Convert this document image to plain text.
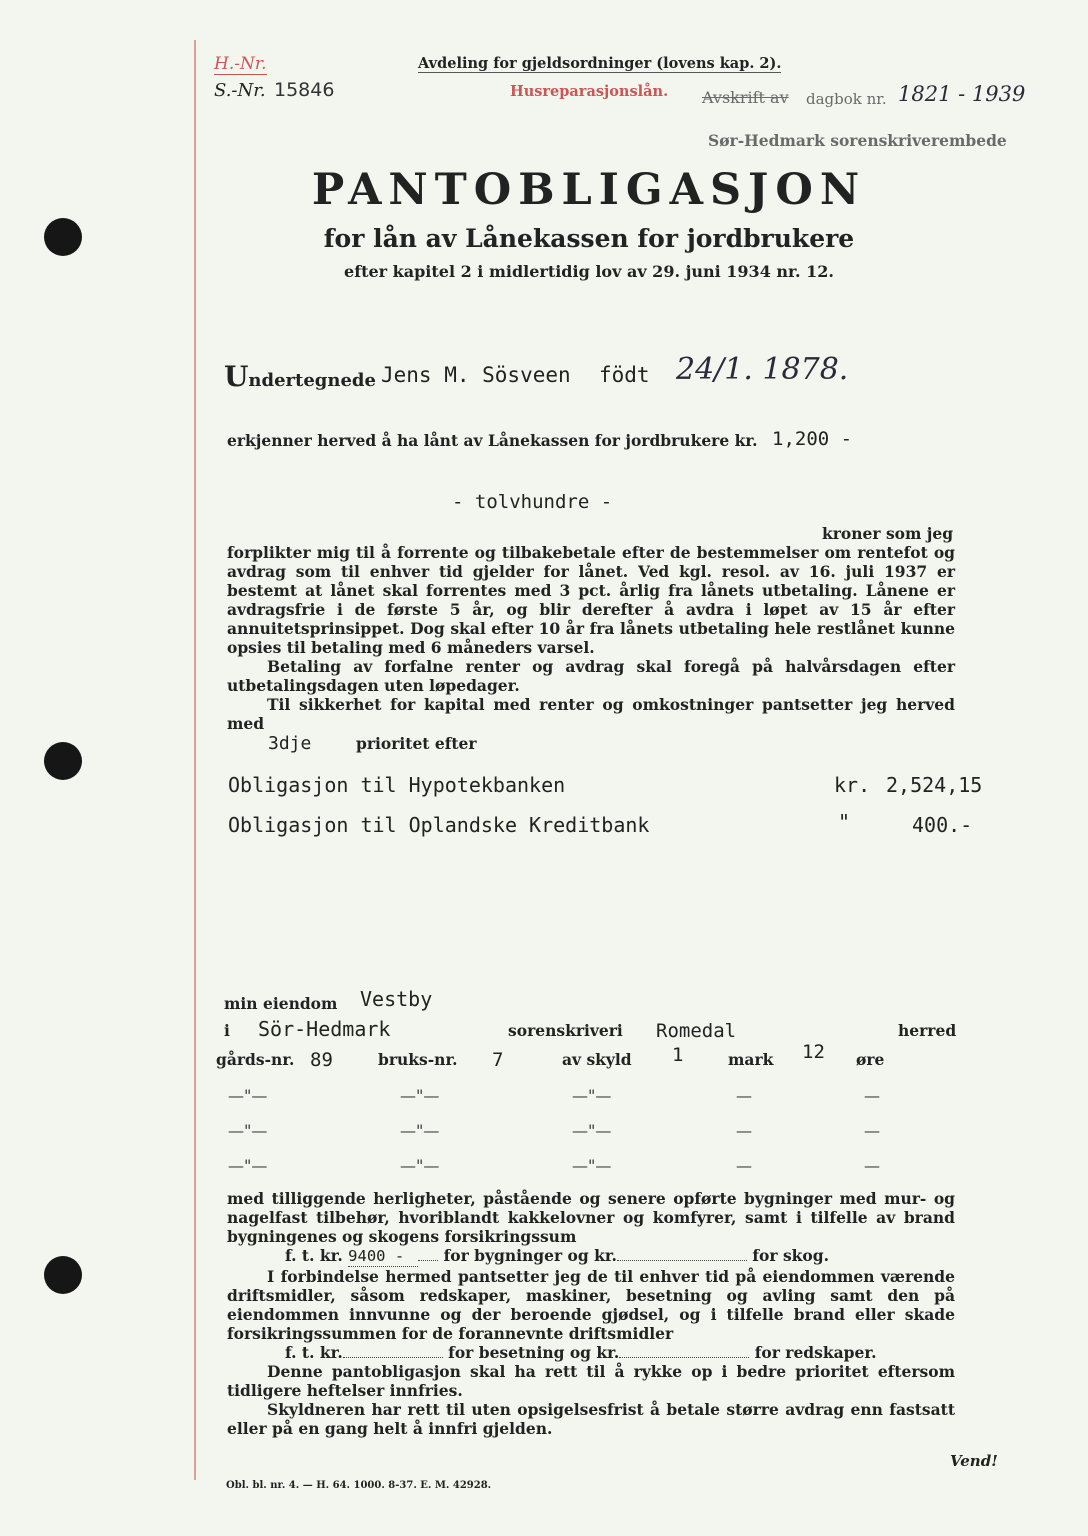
H.-Nr.
S.-Nr. 15846
Avdeling for gjeldsordninger (lovens kap. 2).
Husreparasjonslån. Avskrift av dagbok nr. 1821 - 1939
Sør-Hedmark sorenskriverembede
PANTOBLIGASJON
for lån av Lånekassen for jordbrukere
efter kapitel 2 i midlertidig lov av 29. juni 1934 nr. 12.
Undertegnede Jens M. Sösveen födt 24/1. 1878.
erkjenner herved å ha lånt av Lånekassen for jordbrukere kr. 1,200 -
- tolvhundre -
kroner som jeg

forplikter mig til å forrente og tilbakebetale efter de bestemmelser om rentefot og avdrag som til enhver tid gjelder for lånet. Ved kgl. resol. av 16. juli 1937 er bestemt at lånet skal forrentes med 3 pct. årlig fra lånets utbetaling. Lånene er avdragsfrie i de første 5 år, og blir derefter å avdra i løpet av 15 år efter annuitetsprinsippet. Dog skal efter 10 år fra lånets utbetaling hele restlånet kunne opsies til betaling med 6 måneders varsel.

Betaling av forfalne renter og avdrag skal foregå på halvårsdagen efter utbetalingsdagen uten løpedager.

Til sikkerhet for kapital med renter og omkostninger pantsetter jeg herved med

3dje	prioritet efter
Obligasjon til Hypotekbanken	kr. 2,524,15
Obligasjon til Oplandske Kreditbank	"	400.-
min eiendom Vestby
i Sör-Hedmark	sorenskriveri Romedal	herred
gårds-nr. 89	bruks-nr. 7	av skyld 1	mark 12 øre
—"—	—"—	—"—	—	—
—"—	—"—	—"—	—	—
—"—	—"—	—"—	—	—

med tilliggende herligheter, påstående og senere opførte bygninger med mur- og nagelfast tilbehør, hvoriblandt kakkelovner og komfyrer, samt i tilfelle av brand bygningenes og skogens forsikringssum

f. t. kr. 9400 -	for bygninger og kr.	for skog.

I forbindelse hermed pantsetter jeg de til enhver tid på eiendommen værende driftsmidler, såsom redskaper, maskiner, besetning og avling samt den på eiendommen innvunne og der beroende gjødsel, og i tilfelle brand eller skade forsikringssummen for de forannevnte driftsmidler

f. t. kr.	for besetning og kr.	for redskaper.

Denne pantobligasjon skal ha rett til å rykke op i bedre prioritet eftersom tidligere heftelser innfries.

Skyldneren har rett til uten opsigelsesfrist å betale større avdrag enn fastsatt eller på en gang helt å innfri gjelden.

Vend!
Obl. bl. nr. 4. — H. 64. 1000. 8-37. E. M. 42928.
